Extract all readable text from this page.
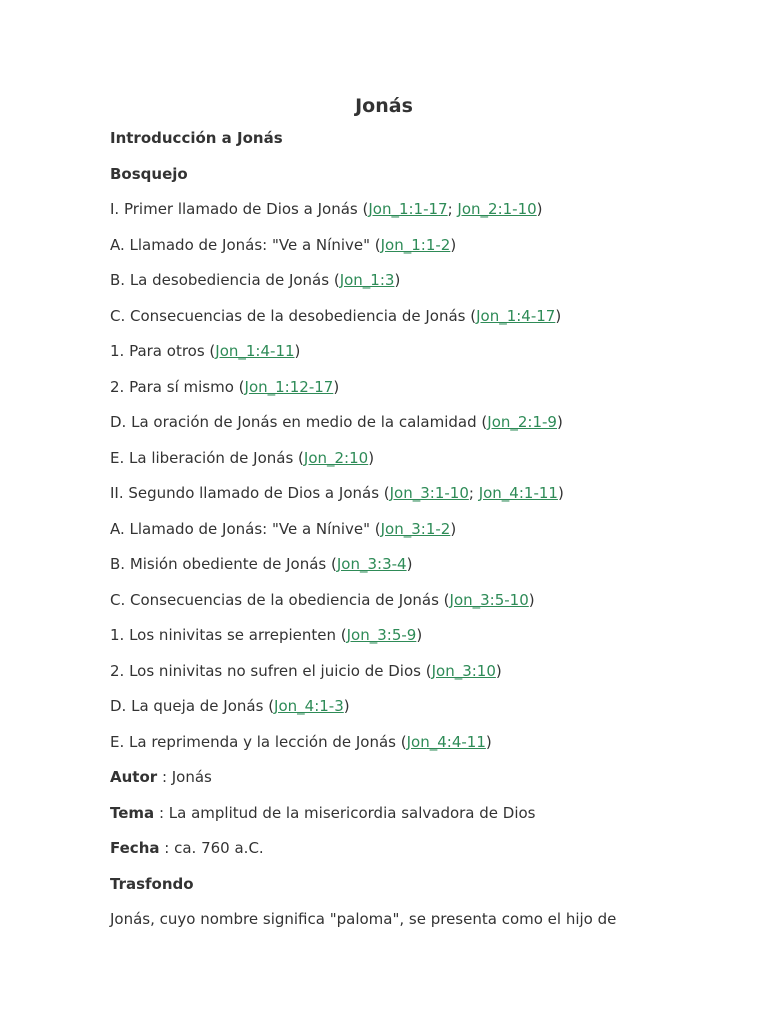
Jonás
Introducción a Jonás
Bosquejo
I. Primer llamado de Dios a Jonás (Jon_1:1-17; Jon_2:1-10)
A. Llamado de Jonás: "Ve a Nínive" (Jon_1:1-2)
B. La desobediencia de Jonás (Jon_1:3)
C. Consecuencias de la desobediencia de Jonás (Jon_1:4-17)
1. Para otros (Jon_1:4-11)
2. Para sí mismo (Jon_1:12-17)
D. La oración de Jonás en medio de la calamidad (Jon_2:1-9)
E. La liberación de Jonás (Jon_2:10)
II. Segundo llamado de Dios a Jonás (Jon_3:1-10; Jon_4:1-11)
A. Llamado de Jonás: "Ve a Nínive" (Jon_3:1-2)
B. Misión obediente de Jonás (Jon_3:3-4)
C. Consecuencias de la obediencia de Jonás (Jon_3:5-10)
1. Los ninivitas se arrepienten (Jon_3:5-9)
2. Los ninivitas no sufren el juicio de Dios (Jon_3:10)
D. La queja de Jonás (Jon_4:1-3)
E. La reprimenda y la lección de Jonás (Jon_4:4-11)
Autor : Jonás
Tema : La amplitud de la misericordia salvadora de Dios
Fecha : ca. 760 a.C.
Trasfondo
Jonás, cuyo nombre significa "paloma", se presenta como el hijo de
